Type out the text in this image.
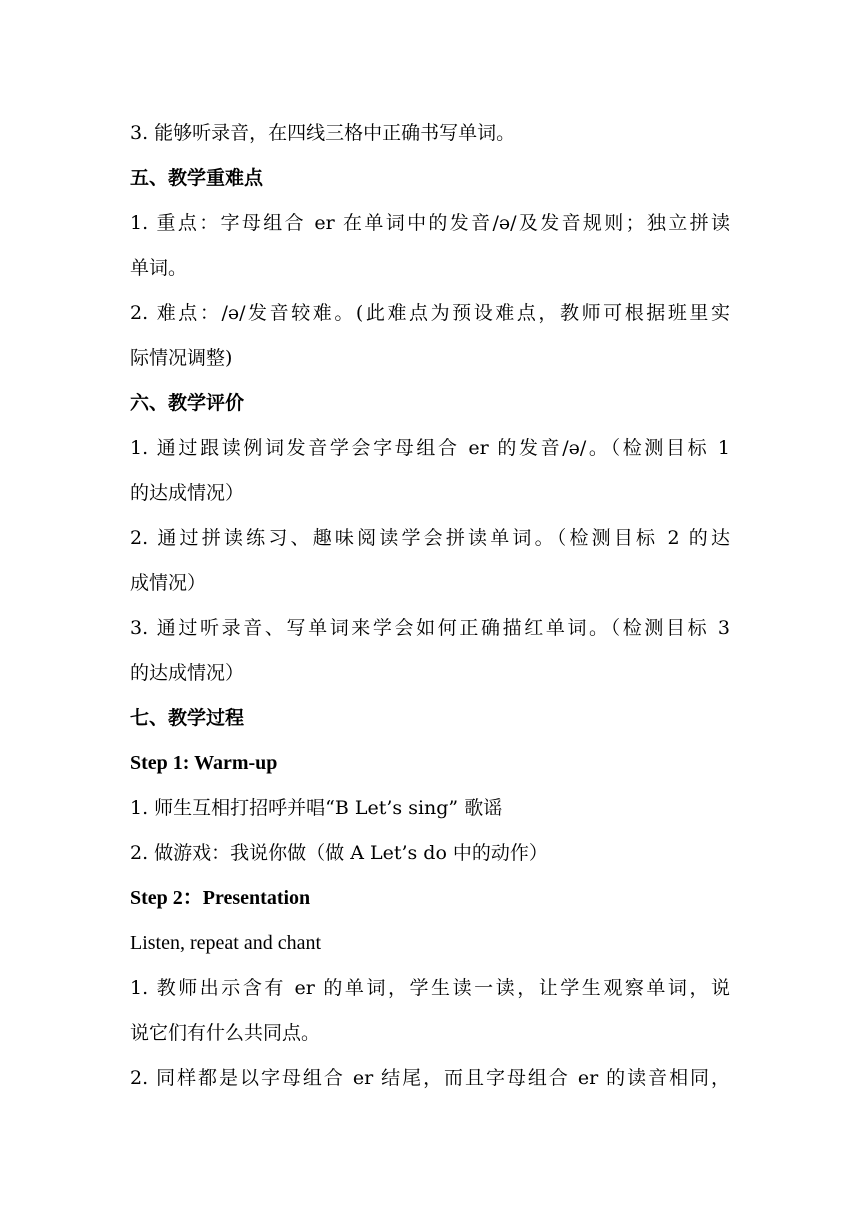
3. 能够听录音，在四线三格中正确书写单词。
五、教学重难点
1. 重点：字母组合 er 在单词中的发音/ə/及发音规则；独立拼读
单词。
2. 难点：/ə/发音较难。(此难点为预设难点，教师可根据班里实
际情况调整)
六、教学评价
1. 通过跟读例词发音学会字母组合 er 的发音/ə/。（检测目标 1
的达成情况）
2. 通过拼读练习、趣味阅读学会拼读单词。（检测目标 2 的达
成情况）
3. 通过听录音、写单词来学会如何正确描红单词。（检测目标 3
的达成情况）
七、教学过程
Step 1: Warm-up
1. 师生互相打招呼并唱“B Let’s sing” 歌谣
2. 做游戏：我说你做（做 A Let’s do 中的动作）
Step 2：Presentation
Listen, repeat and chant
1. 教师出示含有 er 的单词，学生读一读，让学生观察单词，说
说它们有什么共同点。
2. 同样都是以字母组合 er 结尾，而且字母组合 er 的读音相同，
